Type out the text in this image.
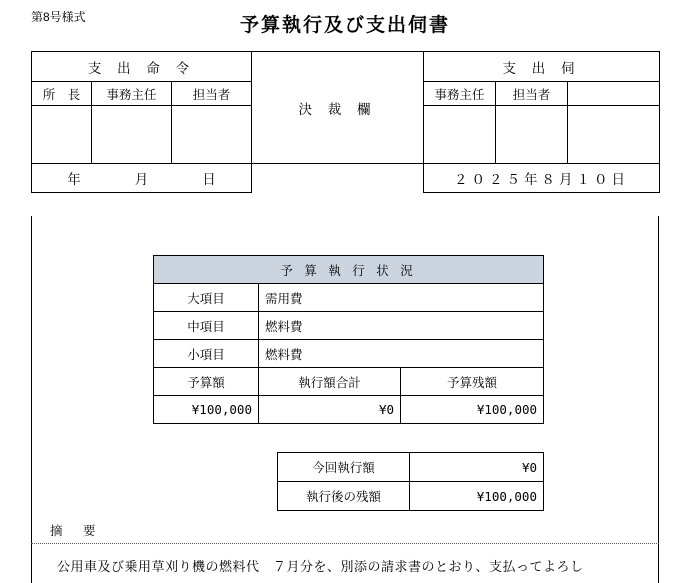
第8号様式	予算執行及び支出伺書
支 出 命 令			決 裁 欄	支 出 伺		
所　長	事務主任	担当者		事務主任	担当者	

年　　　　月　　　　日				２０２５年８月１０日		
予 算 執 行 状 況		
大項目	需用費	
中項目	燃料費	
小項目	燃料費	
予算額	執行額合計	予算残額
¥100,000	¥0	¥100,000
今回執行額	¥0
執行後の残額	¥100,000
摘　要
公用車及び乗用草刈り機の燃料代　７月分を、別添の請求書のとおり、支払ってよろし
